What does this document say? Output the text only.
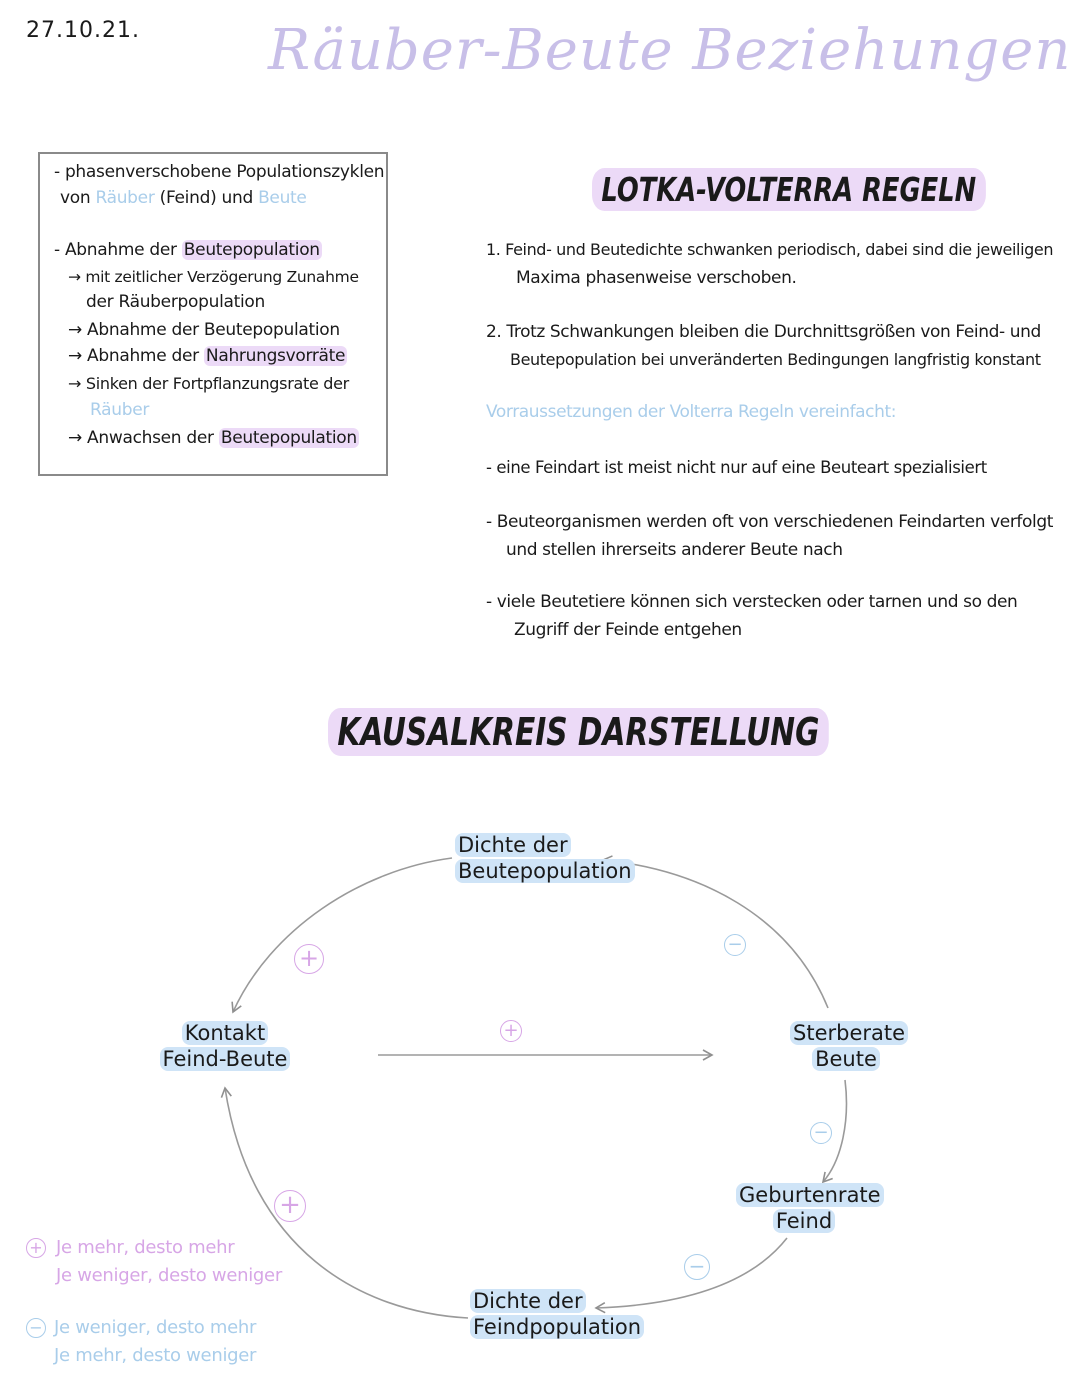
27.10.21. Räuber-Beute Beziehungen
- phasenverschobene Populationszyklen
von Räuber (Feind) und Beute
- Abnahme der Beutepopulation
→ mit zeitlicher Verzögerung Zunahme
der Räuberpopulation
→ Abnahme der Beutepopulation
→ Abnahme der Nahrungsvorräte
→ Sinken der Fortpflanzungsrate der
Räuber
→ Anwachsen der Beutepopulation
LOTKA-VOLTERRA REGELN
1. Feind- und Beutedichte schwanken periodisch, dabei sind die jeweiligen
Maxima phasenweise verschoben.
2. Trotz Schwankungen bleiben die Durchnittsgrößen von Feind- und
Beutepopulation bei unveränderten Bedingungen langfristig konstant
Vorraussetzungen der Volterra Regeln vereinfacht:
- eine Feindart ist meist nicht nur auf eine Beuteart spezialisiert
- Beuteorganismen werden oft von verschiedenen Feindarten verfolgt
und stellen ihrerseits anderer Beute nach
- viele Beutetiere können sich verstecken oder tarnen und so den
Zugriff der Feinde entgehen
KAUSALKREIS DARSTELLUNG
Dichte der
Beutepopulation
Kontakt
Feind-Beute
Sterberate
Beute
Geburtenrate
Feind
Dichte der
Feindpopulation
+
+
+
−
−
−
+ Je mehr, desto mehr
Je weniger, desto weniger
− Je weniger, desto mehr
Je mehr, desto weniger
